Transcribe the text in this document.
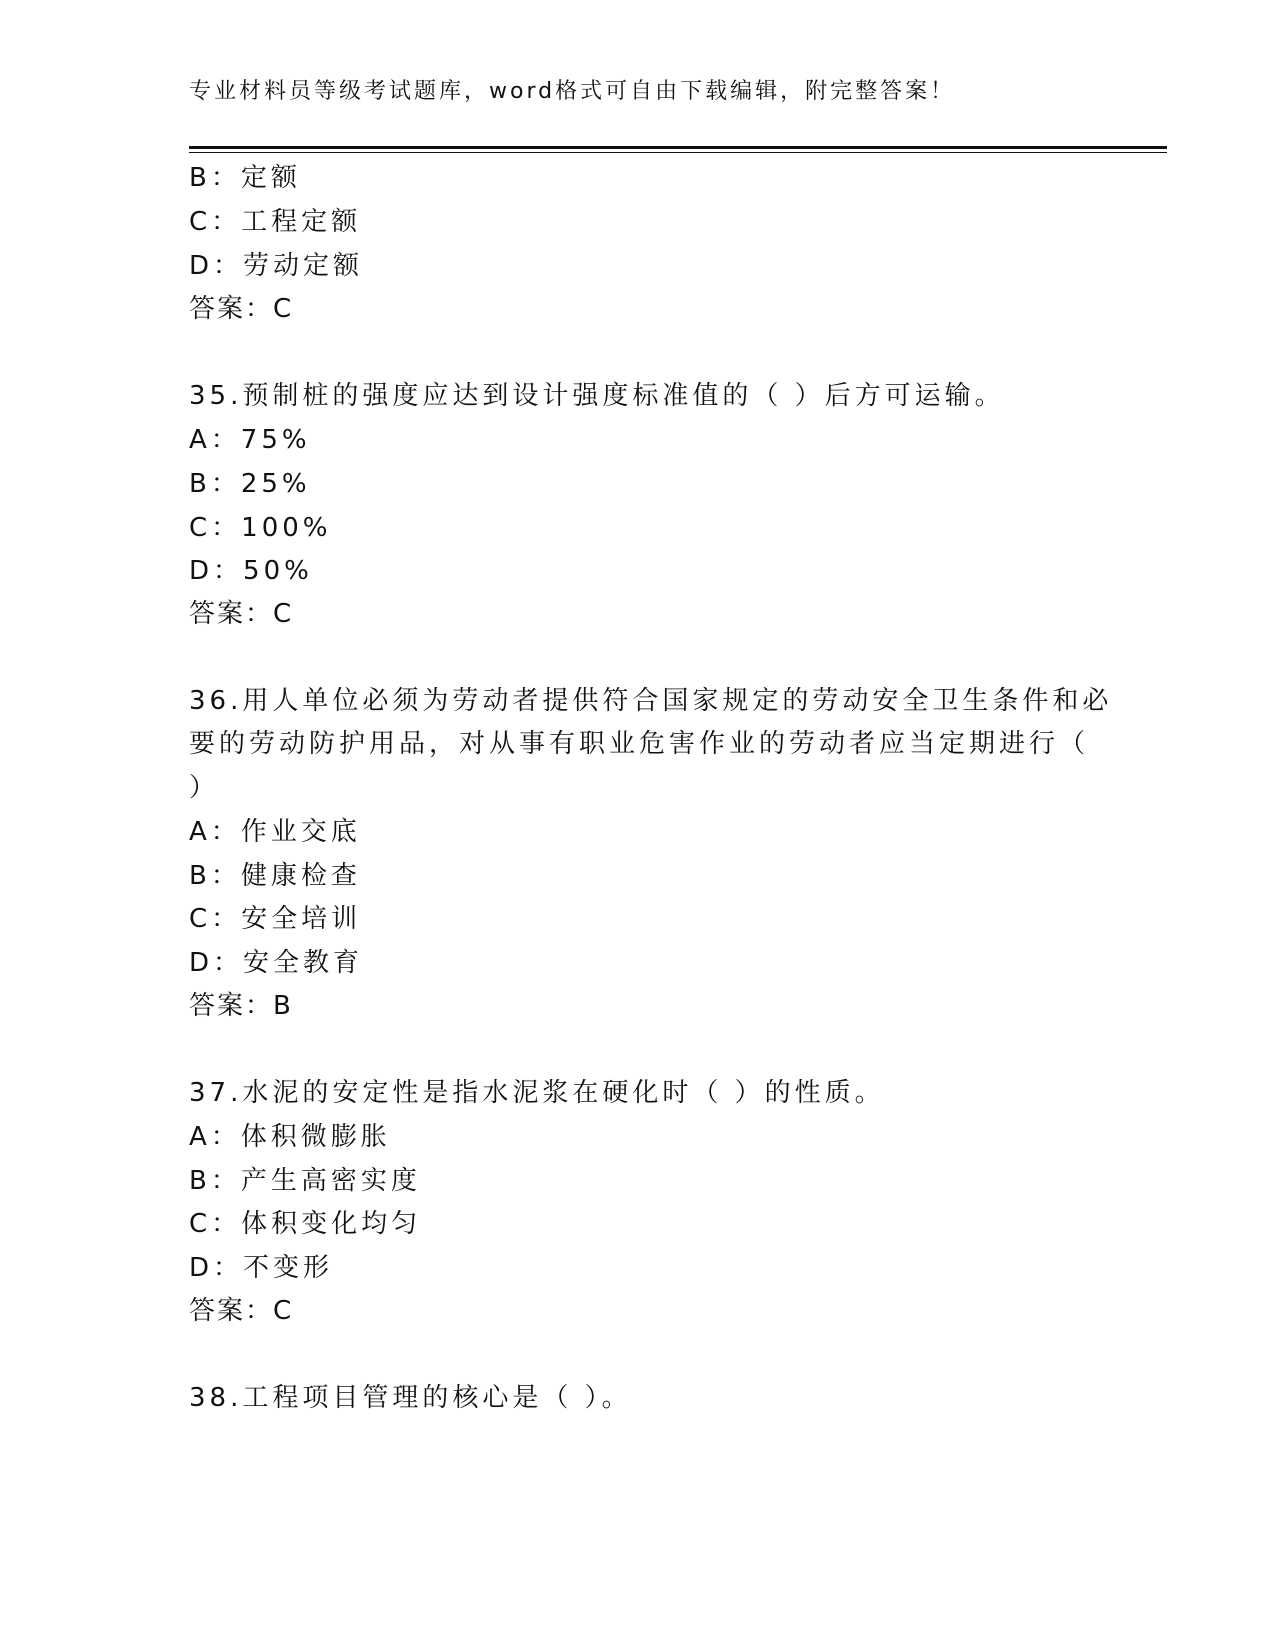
专业材料员等级考试题库，word格式可自由下载编辑，附完整答案！
B：定额
C：工程定额
D：劳动定额
答案：C
35.预制桩的强度应达到设计强度标准值的（ ）后方可运输。
A：75%
B：25%
C：100%
D：50%
答案：C
36.用人单位必须为劳动者提供符合国家规定的劳动安全卫生条件和必
要的劳动防护用品，对从事有职业危害作业的劳动者应当定期进行（
）
A：作业交底
B：健康检查
C：安全培训
D：安全教育
答案：B
37.水泥的安定性是指水泥浆在硬化时（ ）的性质。
A：体积微膨胀
B：产生高密实度
C：体积变化均匀
D：不变形
答案：C
38.工程项目管理的核心是（ ）。
